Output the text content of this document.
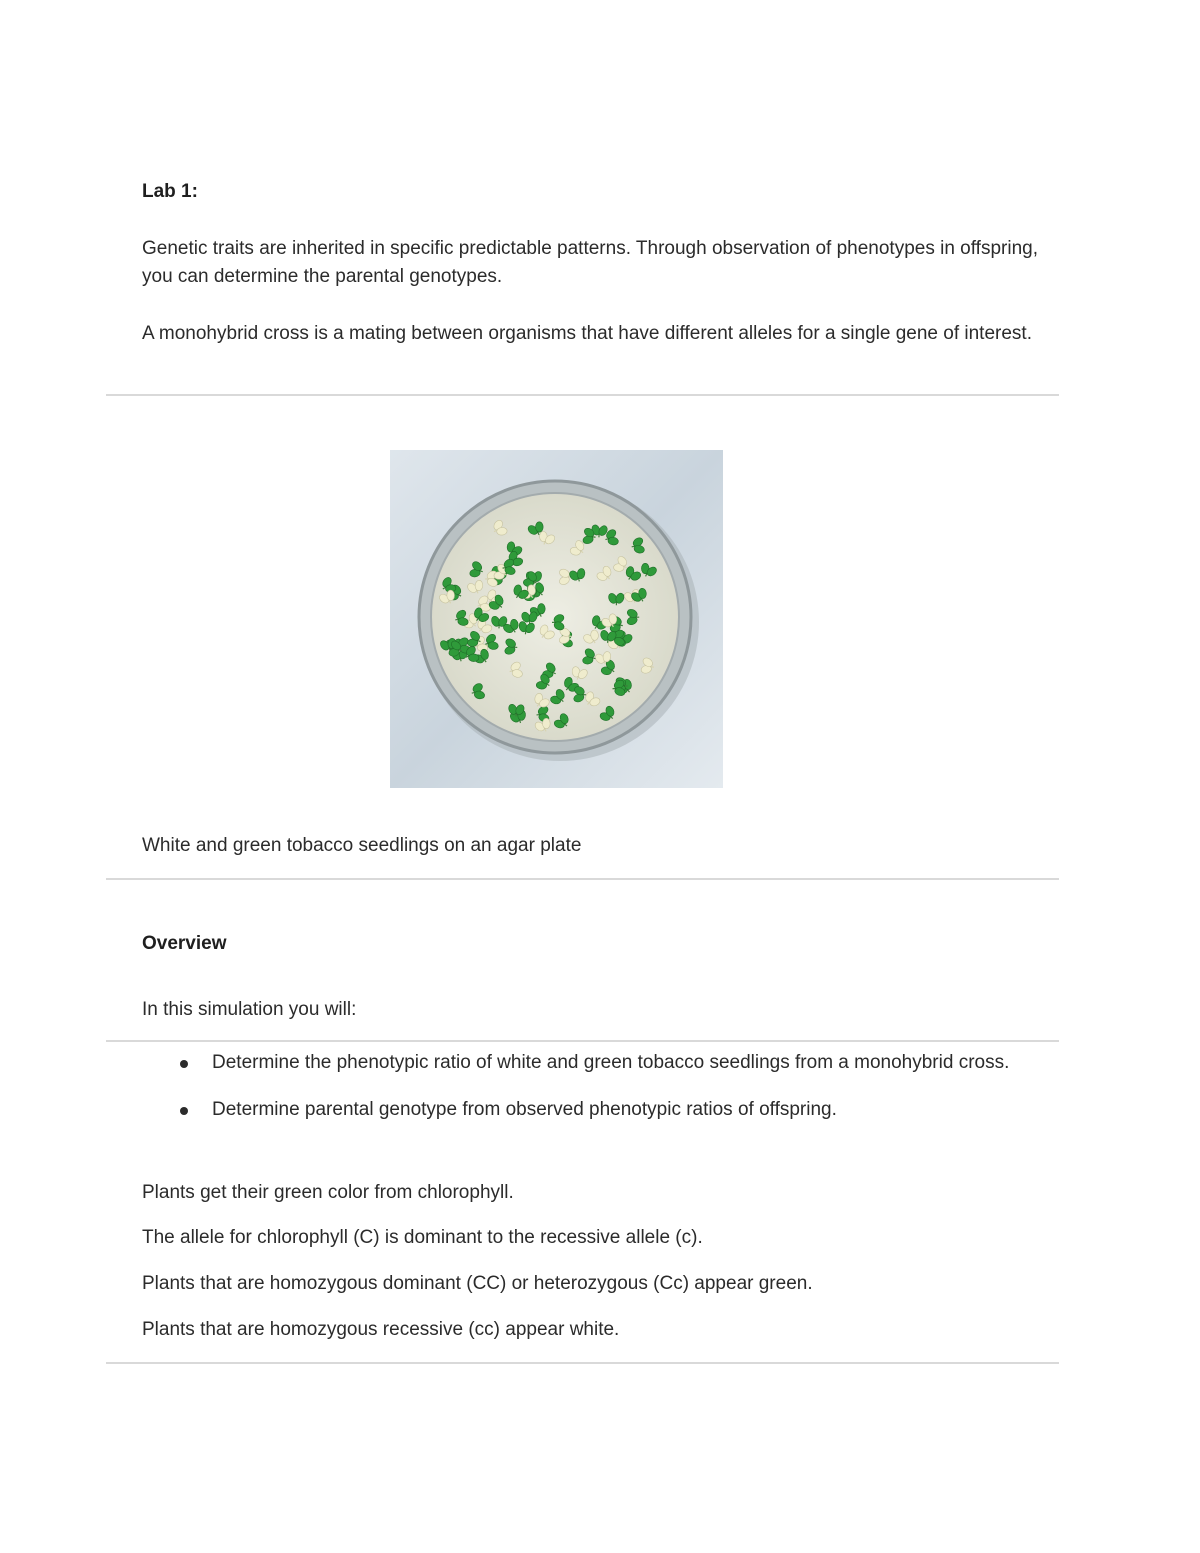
Lab 1:

Genetic traits are inherited in specific predictable patterns. Through observation of phenotypes in offspring, you can determine the parental genotypes.

A monohybrid cross is a mating between organisms that have different alleles for a single gene of interest.

White and green tobacco seedlings on an agar plate

Overview

In this simulation you will:

Determine the phenotypic ratio of white and green tobacco seedlings from a monohybrid cross.
Determine parental genotype from observed phenotypic ratios of offspring.

Plants get their green color from chlorophyll.

The allele for chlorophyll (C) is dominant to the recessive allele (c).

Plants that are homozygous dominant (CC) or heterozygous (Cc) appear green.

Plants that are homozygous recessive (cc) appear white.
